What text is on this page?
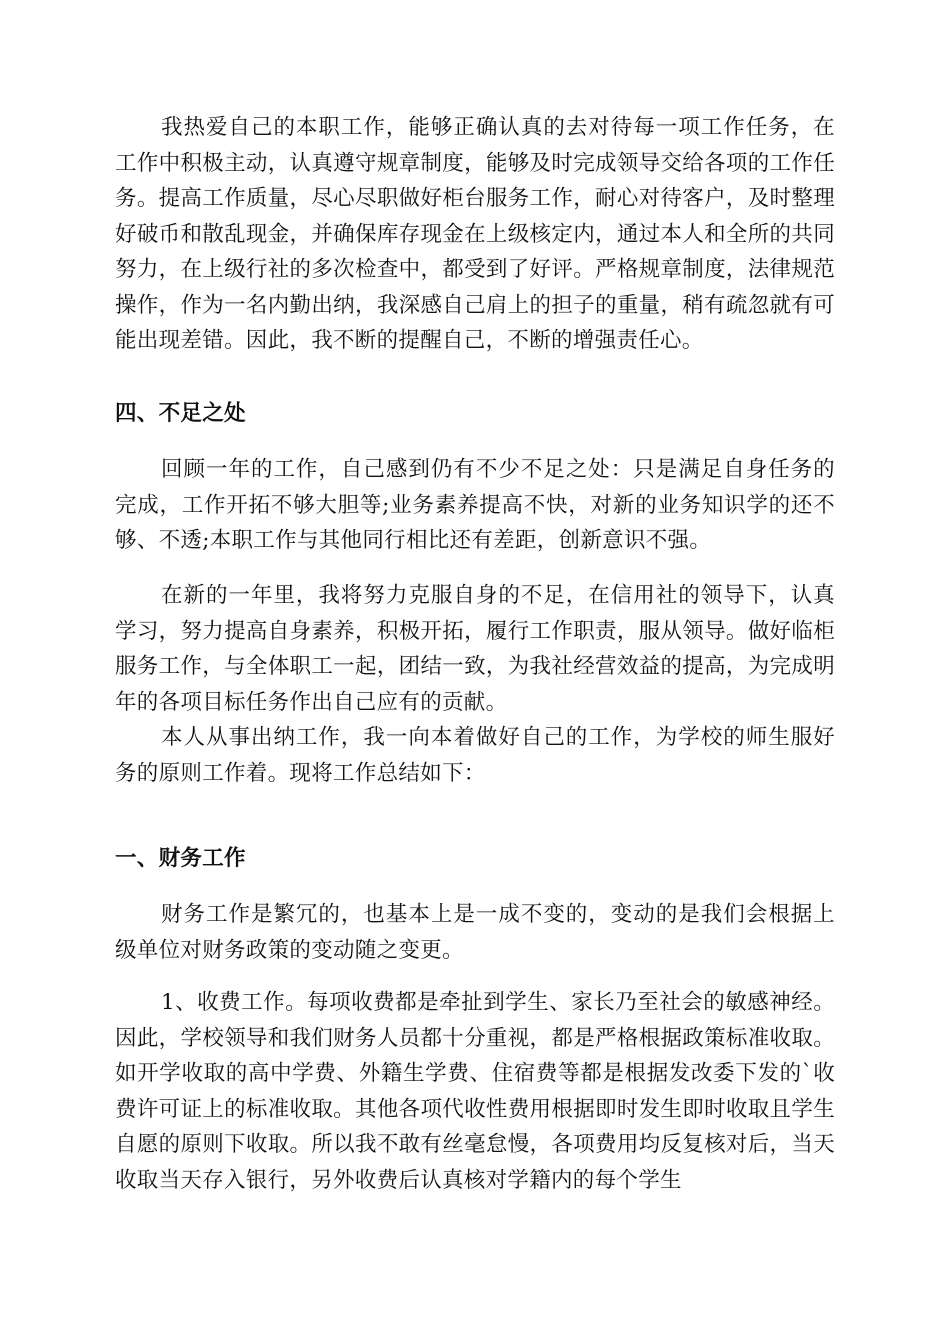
我热爱自己的本职工作，能够正确认真的去对待每一项工作任务，在工作中积极主动，认真遵守规章制度，能够及时完成领导交给各项的工作任务。提高工作质量，尽心尽职做好柜台服务工作，耐心对待客户，及时整理好破币和散乱现金，并确保库存现金在上级核定内，通过本人和全所的共同努力，在上级行社的多次检查中，都受到了好评。严格规章制度，法律规范操作，作为一名内勤出纳，我深感自己肩上的担子的重量，稍有疏忽就有可能出现差错。因此，我不断的提醒自己，不断的增强责任心。

四、不足之处

回顾一年的工作，自己感到仍有不少不足之处：只是满足自身任务的完成，工作开拓不够大胆等;业务素养提高不快，对新的业务知识学的还不够、不透;本职工作与其他同行相比还有差距，创新意识不强。

在新的一年里，我将努力克服自身的不足，在信用社的领导下，认真学习，努力提高自身素养，积极开拓，履行工作职责，服从领导。做好临柜服务工作，与全体职工一起，团结一致，为我社经营效益的提高，为完成明年的各项目标任务作出自己应有的贡献。

本人从事出纳工作，我一向本着做好自己的工作，为学校的师生服好务的原则工作着。现将工作总结如下：

一、财务工作

财务工作是繁冗的，也基本上是一成不变的，变动的是我们会根据上级单位对财务政策的变动随之变更。

1、收费工作。每项收费都是牵扯到学生、家长乃至社会的敏感神经。因此，学校领导和我们财务人员都十分重视，都是严格根据政策标准收取。如开学收取的高中学费、外籍生学费、住宿费等都是根据发改委下发的`收费许可证上的标准收取。其他各项代收性费用根据即时发生即时收取且学生自愿的原则下收取。所以我不敢有丝毫怠慢，各项费用均反复核对后，当天收取当天存入银行，另外收费后认真核对学籍内的每个学生
